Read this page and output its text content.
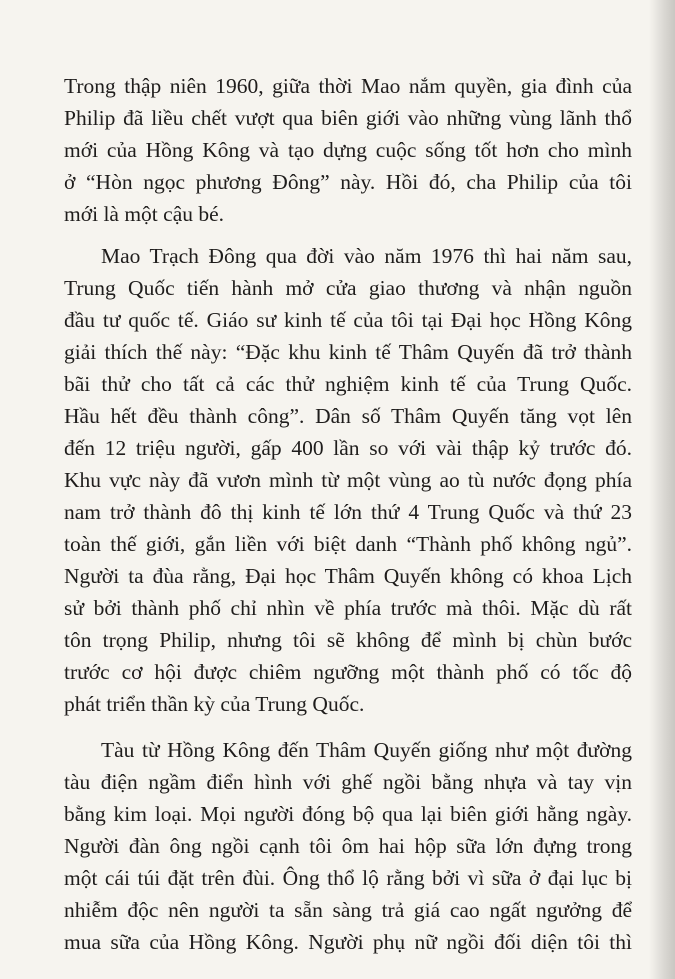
Trong thập niên 1960, giữa thời Mao nắm quyền, gia đình của
Philip đã liều chết vượt qua biên giới vào những vùng lãnh thổ
mới của Hồng Kông và tạo dựng cuộc sống tốt hơn cho mình
ở “Hòn ngọc phương Đông” này. Hồi đó, cha Philip của tôi
mới là một cậu bé.
Mao Trạch Đông qua đời vào năm 1976 thì hai năm sau,
Trung Quốc tiến hành mở cửa giao thương và nhận nguồn
đầu tư quốc tế. Giáo sư kinh tế của tôi tại Đại học Hồng Kông
giải thích thế này: “Đặc khu kinh tế Thâm Quyến đã trở thành
bãi thử cho tất cả các thử nghiệm kinh tế của Trung Quốc.
Hầu hết đều thành công”. Dân số Thâm Quyến tăng vọt lên
đến 12 triệu người, gấp 400 lần so với vài thập kỷ trước đó.
Khu vực này đã vươn mình từ một vùng ao tù nước đọng phía
nam trở thành đô thị kinh tế lớn thứ 4 Trung Quốc và thứ 23
toàn thế giới, gắn liền với biệt danh “Thành phố không ngủ”.
Người ta đùa rằng, Đại học Thâm Quyến không có khoa Lịch
sử bởi thành phố chỉ nhìn về phía trước mà thôi. Mặc dù rất
tôn trọng Philip, nhưng tôi sẽ không để mình bị chùn bước
trước cơ hội được chiêm ngưỡng một thành phố có tốc độ
phát triển thần kỳ của Trung Quốc.
Tàu từ Hồng Kông đến Thâm Quyến giống như một đường
tàu điện ngầm điển hình với ghế ngồi bằng nhựa và tay vịn
bằng kim loại. Mọi người đóng bộ qua lại biên giới hằng ngày.
Người đàn ông ngồi cạnh tôi ôm hai hộp sữa lớn đựng trong
một cái túi đặt trên đùi. Ông thổ lộ rằng bởi vì sữa ở đại lục bị
nhiễm độc nên người ta sẵn sàng trả giá cao ngất ngưởng để
mua sữa của Hồng Kông. Người phụ nữ ngồi đối diện tôi thì
